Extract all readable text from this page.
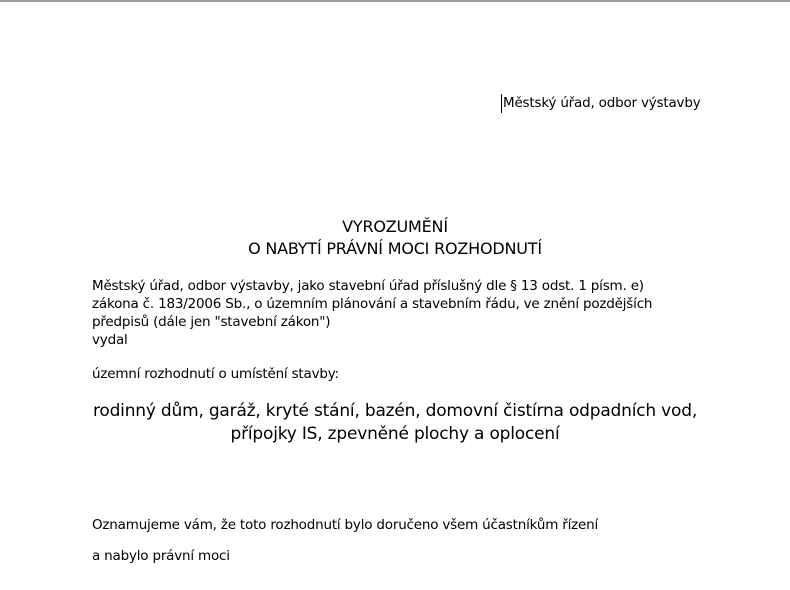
Městský úřad, odbor výstavby
VYROZUMĚNÍ
O NABYTÍ PRÁVNÍ MOCI ROZHODNUTÍ
Městský úřad, odbor výstavby, jako stavební úřad příslušný dle § 13 odst. 1 písm. e)
zákona č. 183/2006 Sb., o územním plánování a stavebním řádu, ve znění pozdějších
předpisů (dále jen "stavební zákon")
vydal
územní rozhodnutí o umístění stavby:
rodinný dům, garáž, kryté stání, bazén, domovní čistírna odpadních vod,
přípojky IS, zpevněné plochy a oplocení
Oznamujeme vám, že toto rozhodnutí bylo doručeno všem účastníkům řízení
a nabylo právní moci
